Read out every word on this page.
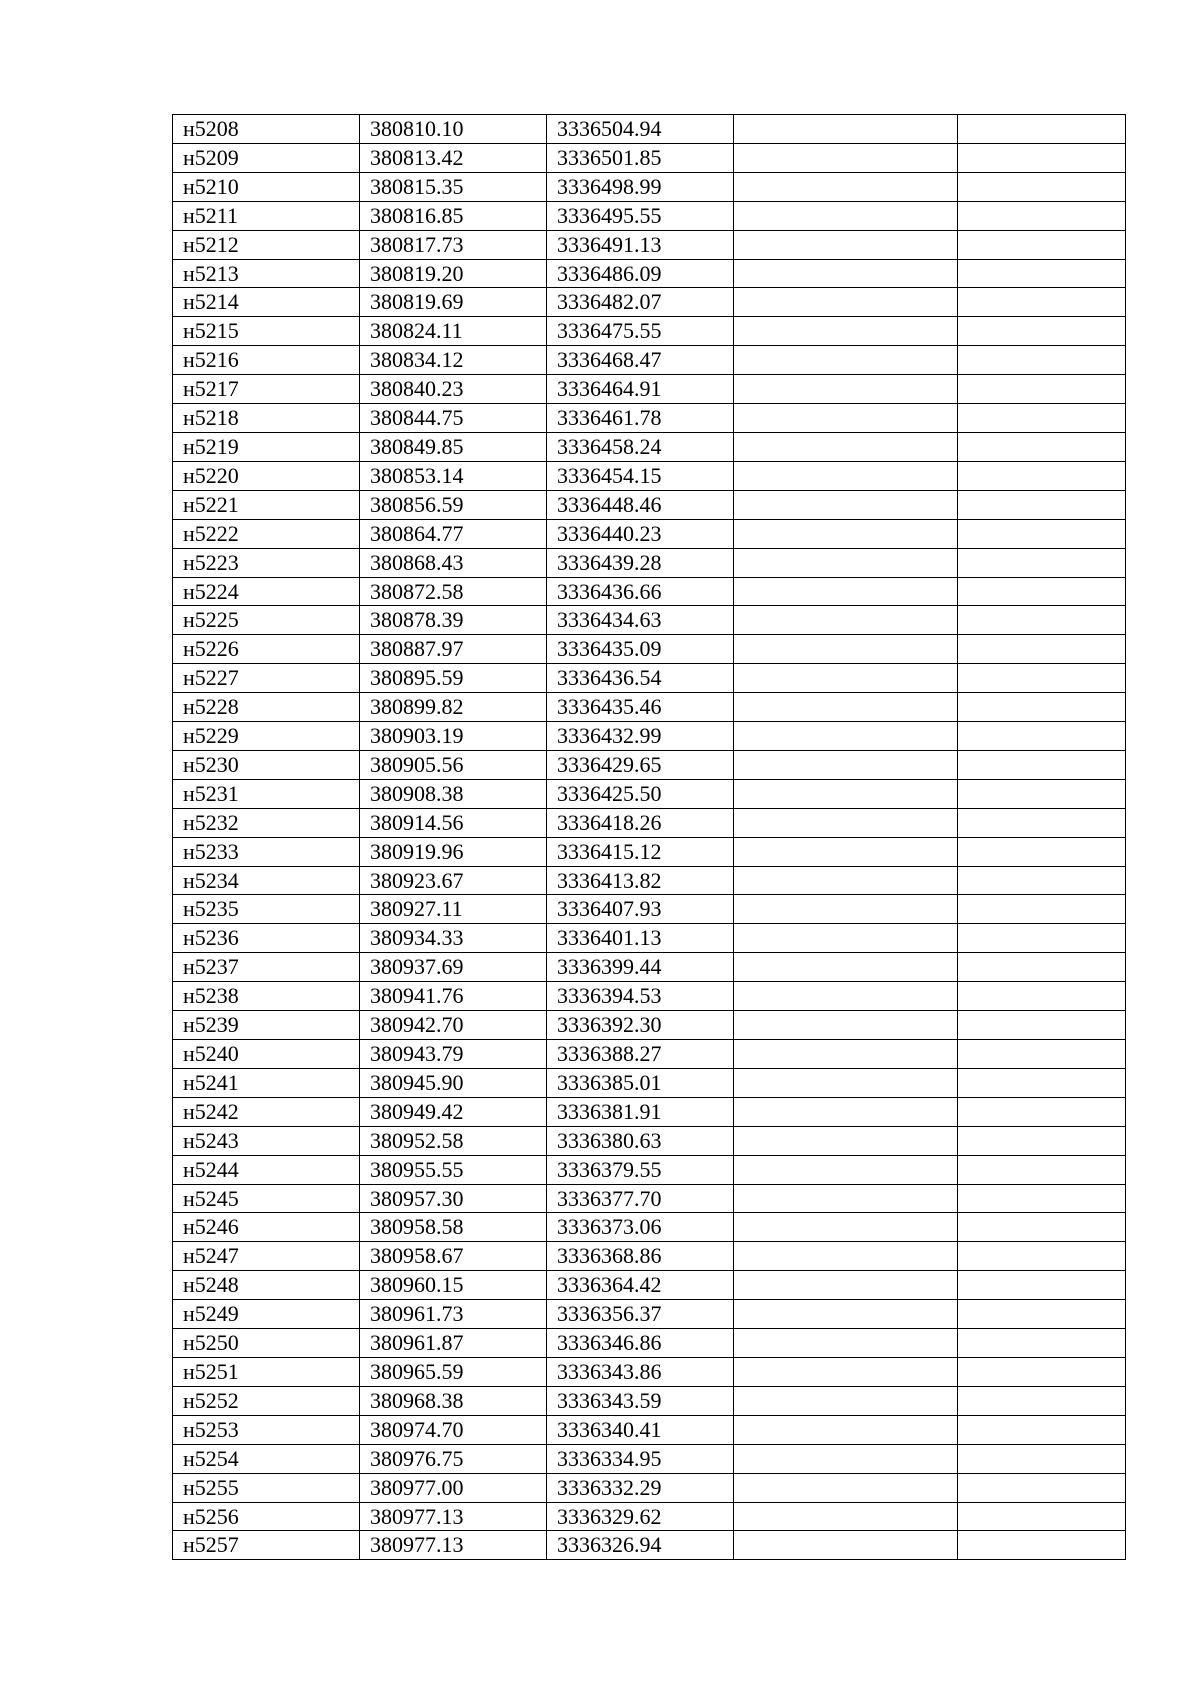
н5208	380810.10	3336504.94		
н5209	380813.42	3336501.85		
н5210	380815.35	3336498.99		
н5211	380816.85	3336495.55		
н5212	380817.73	3336491.13		
н5213	380819.20	3336486.09		
н5214	380819.69	3336482.07		
н5215	380824.11	3336475.55		
н5216	380834.12	3336468.47		
н5217	380840.23	3336464.91		
н5218	380844.75	3336461.78		
н5219	380849.85	3336458.24		
н5220	380853.14	3336454.15		
н5221	380856.59	3336448.46		
н5222	380864.77	3336440.23		
н5223	380868.43	3336439.28		
н5224	380872.58	3336436.66		
н5225	380878.39	3336434.63		
н5226	380887.97	3336435.09		
н5227	380895.59	3336436.54		
н5228	380899.82	3336435.46		
н5229	380903.19	3336432.99		
н5230	380905.56	3336429.65		
н5231	380908.38	3336425.50		
н5232	380914.56	3336418.26		
н5233	380919.96	3336415.12		
н5234	380923.67	3336413.82		
н5235	380927.11	3336407.93		
н5236	380934.33	3336401.13		
н5237	380937.69	3336399.44		
н5238	380941.76	3336394.53		
н5239	380942.70	3336392.30		
н5240	380943.79	3336388.27		
н5241	380945.90	3336385.01		
н5242	380949.42	3336381.91		
н5243	380952.58	3336380.63		
н5244	380955.55	3336379.55		
н5245	380957.30	3336377.70		
н5246	380958.58	3336373.06		
н5247	380958.67	3336368.86		
н5248	380960.15	3336364.42		
н5249	380961.73	3336356.37		
н5250	380961.87	3336346.86		
н5251	380965.59	3336343.86		
н5252	380968.38	3336343.59		
н5253	380974.70	3336340.41		
н5254	380976.75	3336334.95		
н5255	380977.00	3336332.29		
н5256	380977.13	3336329.62		
н5257	380977.13	3336326.94		
